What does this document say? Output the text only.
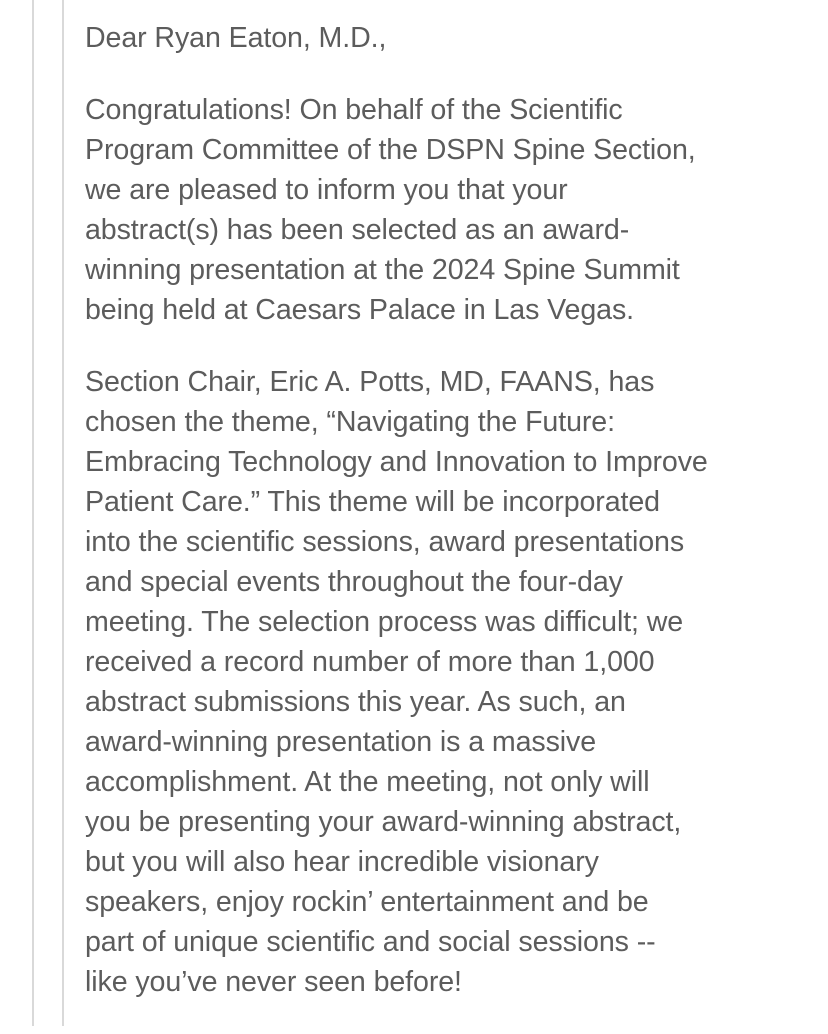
Dear Ryan Eaton, M.D.,

Congratulations! On behalf of the Scientific
Program Committee of the DSPN Spine Section,
we are pleased to inform you that your
abstract(s) has been selected as an award-
winning presentation at the 2024 Spine Summit
being held at Caesars Palace in Las Vegas.

Section Chair, Eric A. Potts, MD, FAANS, has
chosen the theme, “Navigating the Future:
Embracing Technology and Innovation to Improve
Patient Care.” This theme will be incorporated
into the scientific sessions, award presentations
and special events throughout the four-day
meeting. The selection process was difficult; we
received a record number of more than 1,000
abstract submissions this year. As such, an
award-winning presentation is a massive
accomplishment. At the meeting, not only will
you be presenting your award-winning abstract,
but you will also hear incredible visionary
speakers, enjoy rockin’ entertainment and be
part of unique scientific and social sessions --
like you’ve never seen before!
